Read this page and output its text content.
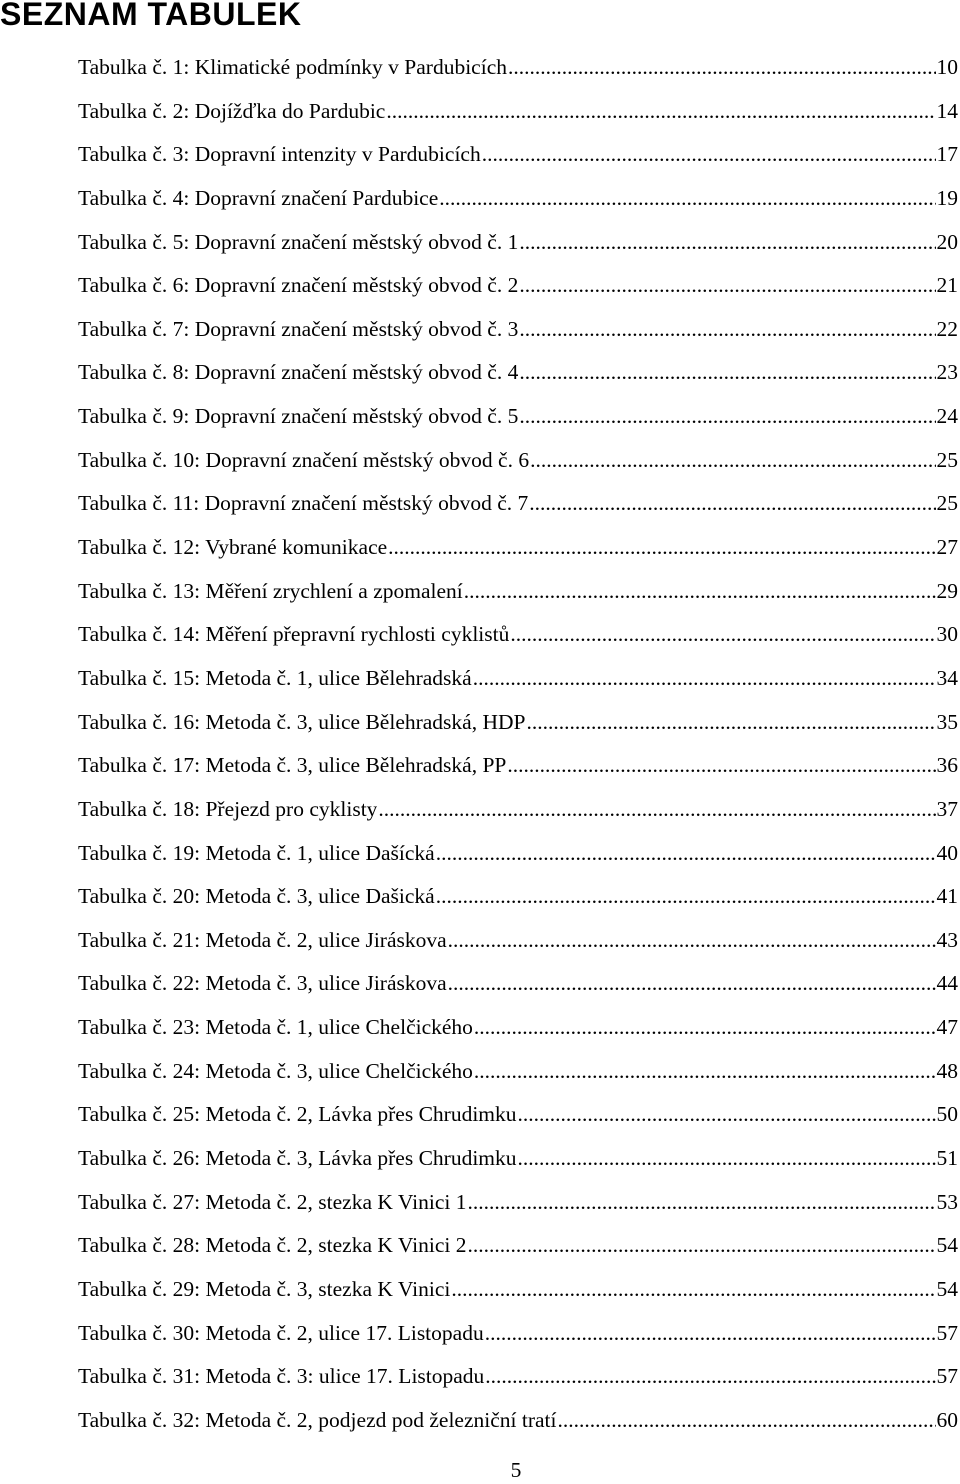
SEZNAM TABULEK
Tabulka č. 1: Klimatické podmínky v Pardubicích .....	10
Tabulka č. 2: Dojížďka do Pardubic .....	14
Tabulka č. 3: Dopravní intenzity v Pardubicích .....	17
Tabulka č. 4: Dopravní značení Pardubice .....	19
Tabulka č. 5: Dopravní značení městský obvod č. 1 .....	20
Tabulka č. 6: Dopravní značení městský obvod č. 2 .....	21
Tabulka č. 7: Dopravní značení městský obvod č. 3 .....	22
Tabulka č. 8: Dopravní značení městský obvod č. 4 .....	23
Tabulka č. 9: Dopravní značení městský obvod č. 5 .....	24
Tabulka č. 10: Dopravní značení městský obvod č. 6 .....	25
Tabulka č. 11: Dopravní značení městský obvod č. 7 .....	25
Tabulka č. 12: Vybrané komunikace .....	27
Tabulka č. 13: Měření zrychlení a zpomalení .....	29
Tabulka č. 14: Měření přepravní rychlosti cyklistů .....	30
Tabulka č. 15: Metoda č. 1, ulice Bělehradská .....	34
Tabulka č. 16: Metoda č. 3, ulice Bělehradská, HDP .....	35
Tabulka č. 17: Metoda č. 3, ulice Bělehradská, PP .....	36
Tabulka č. 18: Přejezd pro cyklisty .....	37
Tabulka č. 19: Metoda č. 1, ulice Dašícká .....	40
Tabulka č. 20: Metoda č. 3, ulice Dašická .....	41
Tabulka č. 21: Metoda č. 2, ulice Jiráskova .....	43
Tabulka č. 22: Metoda č. 3, ulice Jiráskova .....	44
Tabulka č. 23: Metoda č. 1, ulice Chelčického .....	47
Tabulka č. 24: Metoda č. 3, ulice Chelčického .....	48
Tabulka č. 25: Metoda č. 2, Lávka přes Chrudimku .....	50
Tabulka č. 26: Metoda č. 3, Lávka přes Chrudimku .....	51
Tabulka č. 27: Metoda č. 2, stezka K Vinici 1 .....	53
Tabulka č. 28: Metoda č. 2, stezka K Vinici 2 .....	54
Tabulka č. 29: Metoda č. 3, stezka K Vinici .....	54
Tabulka č. 30: Metoda č. 2, ulice 17. Listopadu .....	57
Tabulka č. 31: Metoda č. 3: ulice 17. Listopadu .....	57
Tabulka č. 32: Metoda č. 2, podjezd pod železniční tratí .....	60
5
